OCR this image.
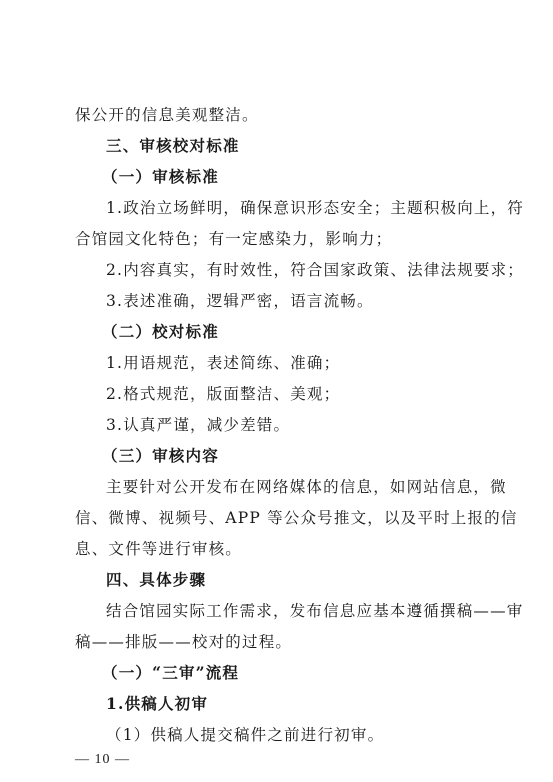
保公开的信息美观整洁。
三、审核校对标准
（一）审核标准
1.政治立场鲜明，确保意识形态安全；主题积极向上，符
合馆园文化特色；有一定感染力，影响力；
2.内容真实，有时效性，符合国家政策、法律法规要求；
3.表述准确，逻辑严密，语言流畅。
（二）校对标准
1.用语规范，表述简练、准确；
2.格式规范，版面整洁、美观；
3.认真严谨，减少差错。
（三）审核内容
主要针对公开发布在网络媒体的信息，如网站信息，微
信、微博、视频号、APP 等公众号推文，以及平时上报的信
息、文件等进行审核。
四、具体步骤
结合馆园实际工作需求，发布信息应基本遵循撰稿——审
稿——排版——校对的过程。
（一）“三审”流程
1.供稿人初审
（1）供稿人提交稿件之前进行初审。
— 10 —
